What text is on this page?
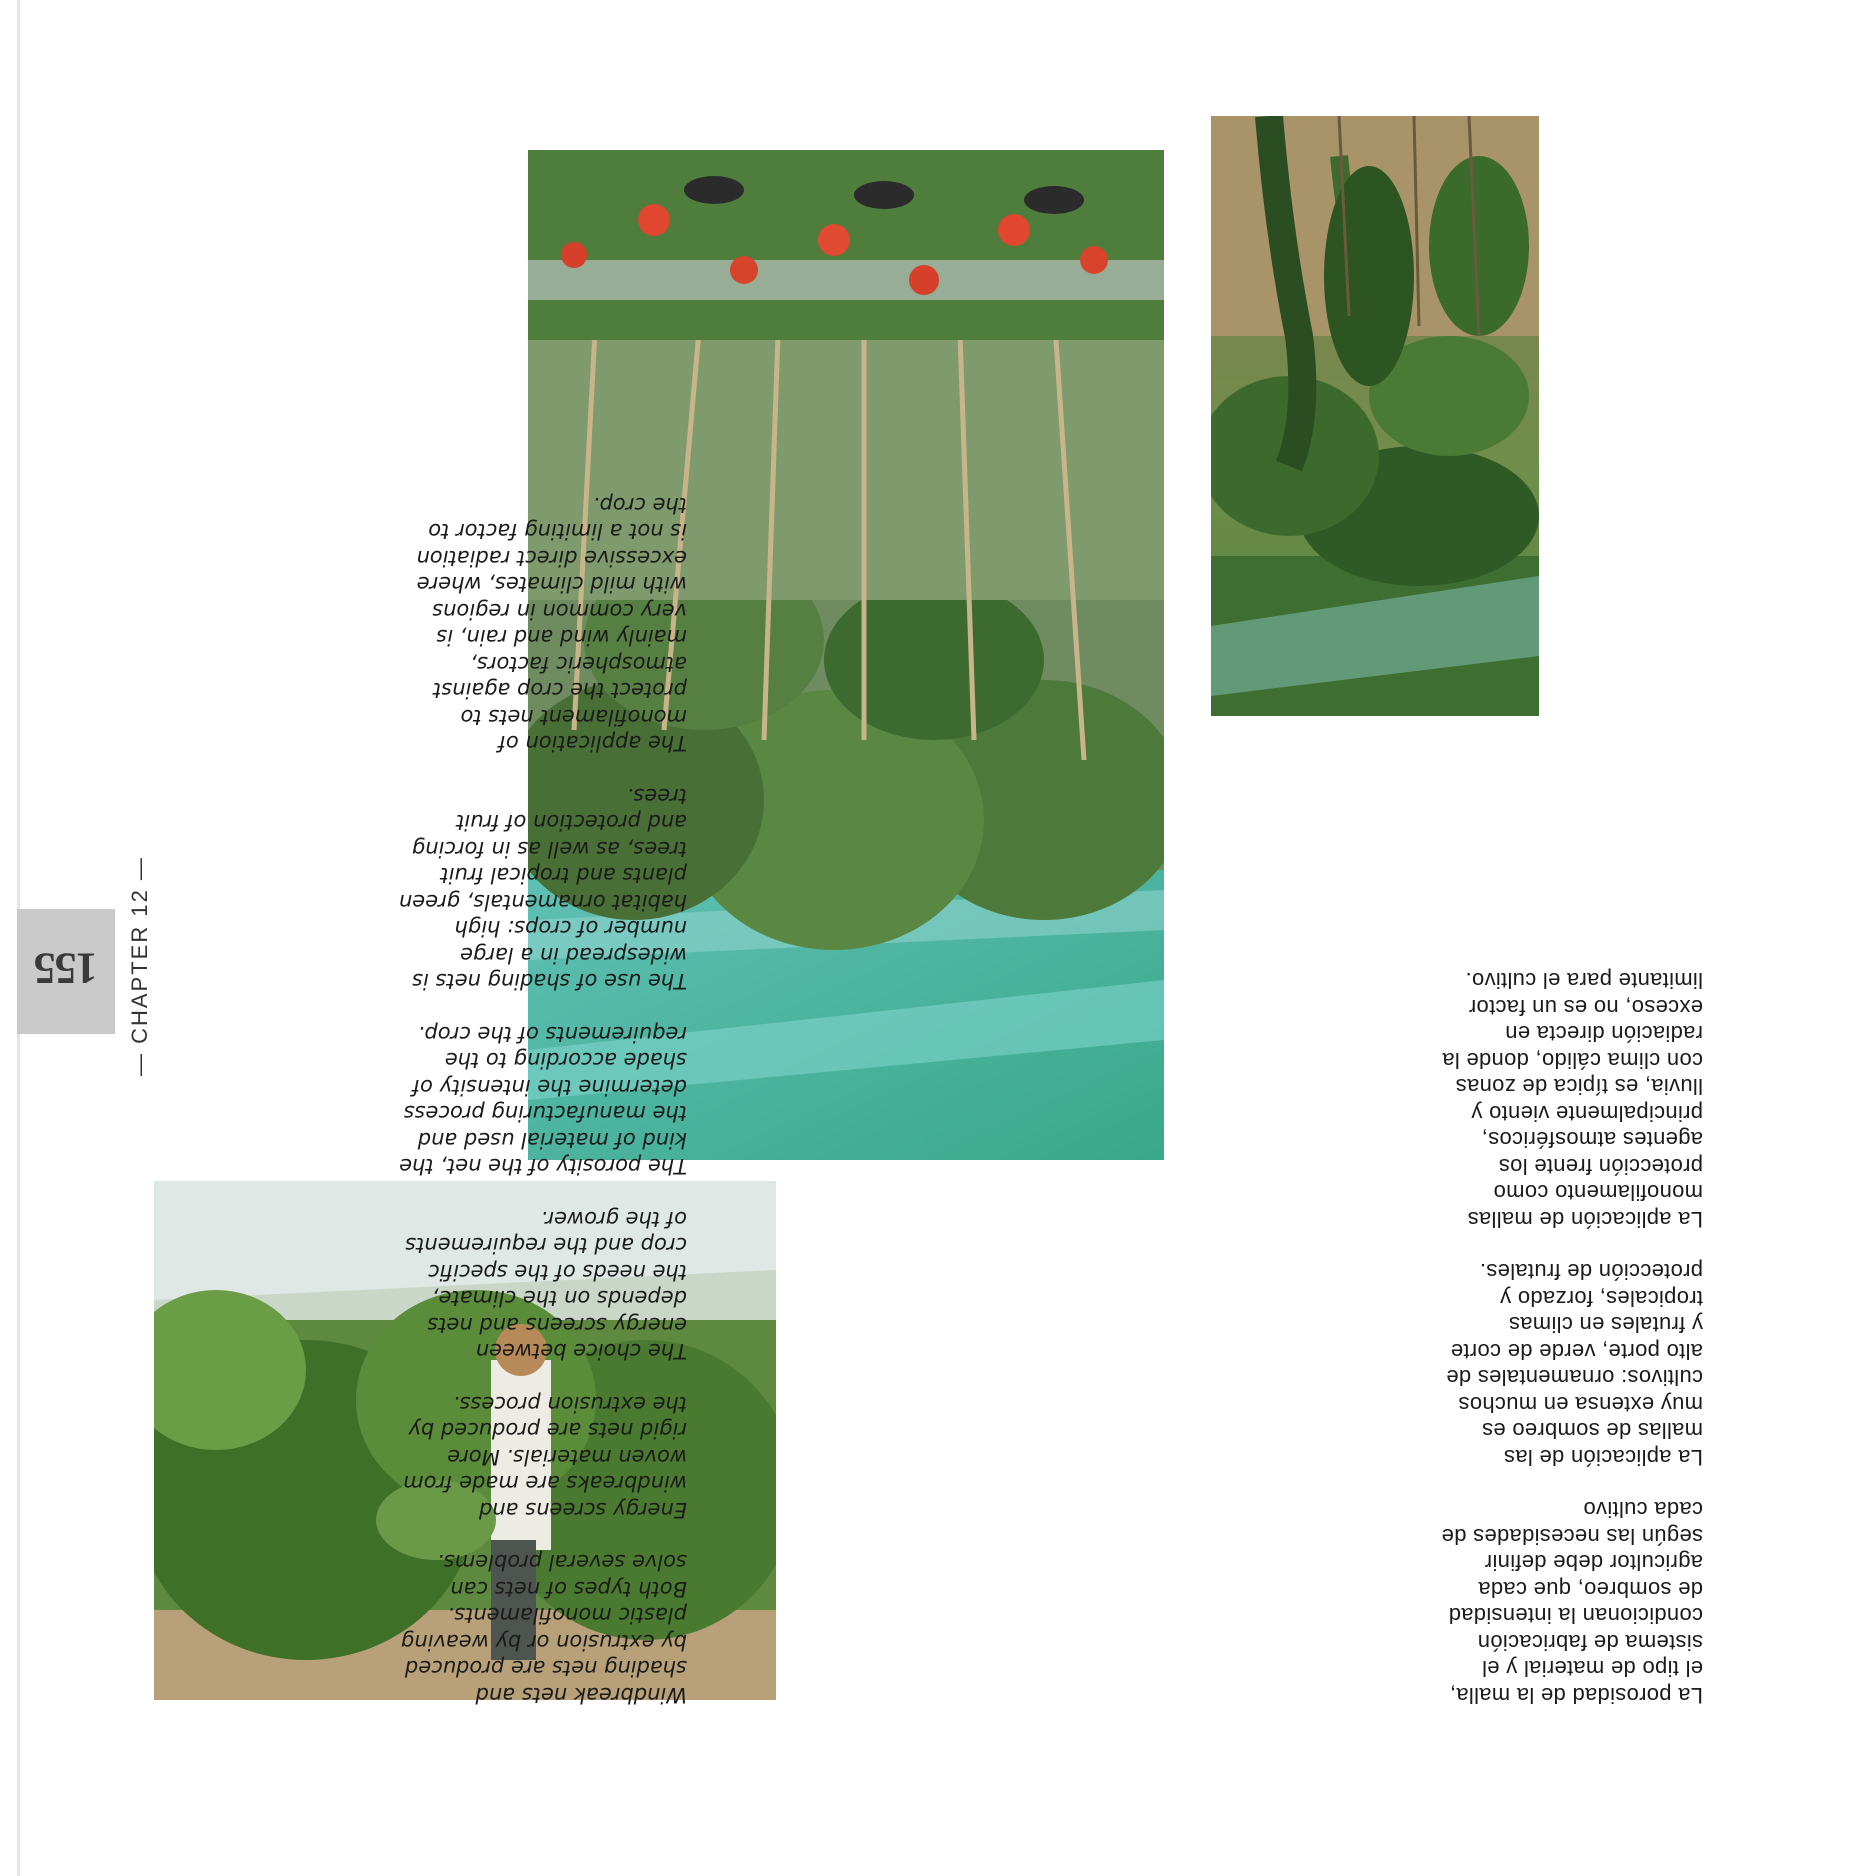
Windbreak nets and
shading nets are produced
by extrusion or by weaving
plastic monofilaments.
Both types of nets can
solve several problems.

Energy screens and
windbreaks are made from
woven materials. More
rigid nets are produced by
the extrusion process.

The choice between
energy screens and nets
depends on the climate,
the needs of the specific
crop and the requirements
of the grower.

The porosity of the net, the
kind of material used and
the manufacturing process
determine the intensity of
shade according to the
requirements of the crop.

The use of shading nets is
widespread in a large
number of crops: high
habitat ornamentals, green
plants and tropical fruit
trees, as well as in forcing
and protection of fruit
trees.

The application of
monofilament nets to
protect the crop against
atmospheric factors,
mainly wind and rain, is
very common in regions
with mild climates, where
excessive direct radiation
is not a limiting factor to
the crop.

La porosidad de la malla,
el tipo de material y el
sistema de fabricación
condicionan la intensidad
de sombreo, que cada
agricultor debe definir
según las necesidades de
cada cultivo

La aplicación de las
mallas de sombreo es
muy extensa en muchos
cultivos: ornamentales de
alto porte, verde de corte
y frutales en climas
tropicales, forzado y
protección de frutales.

La aplicación de mallas
monofilamento como
protección frente los
agentes atmosféricos,
principalmente viento y
lluvia, es típica de zonas
con clima cálido, donde la
radiación directa en
exceso, no es un factor
limitante para el cultivo.

155	— CHAPTER 12 —
